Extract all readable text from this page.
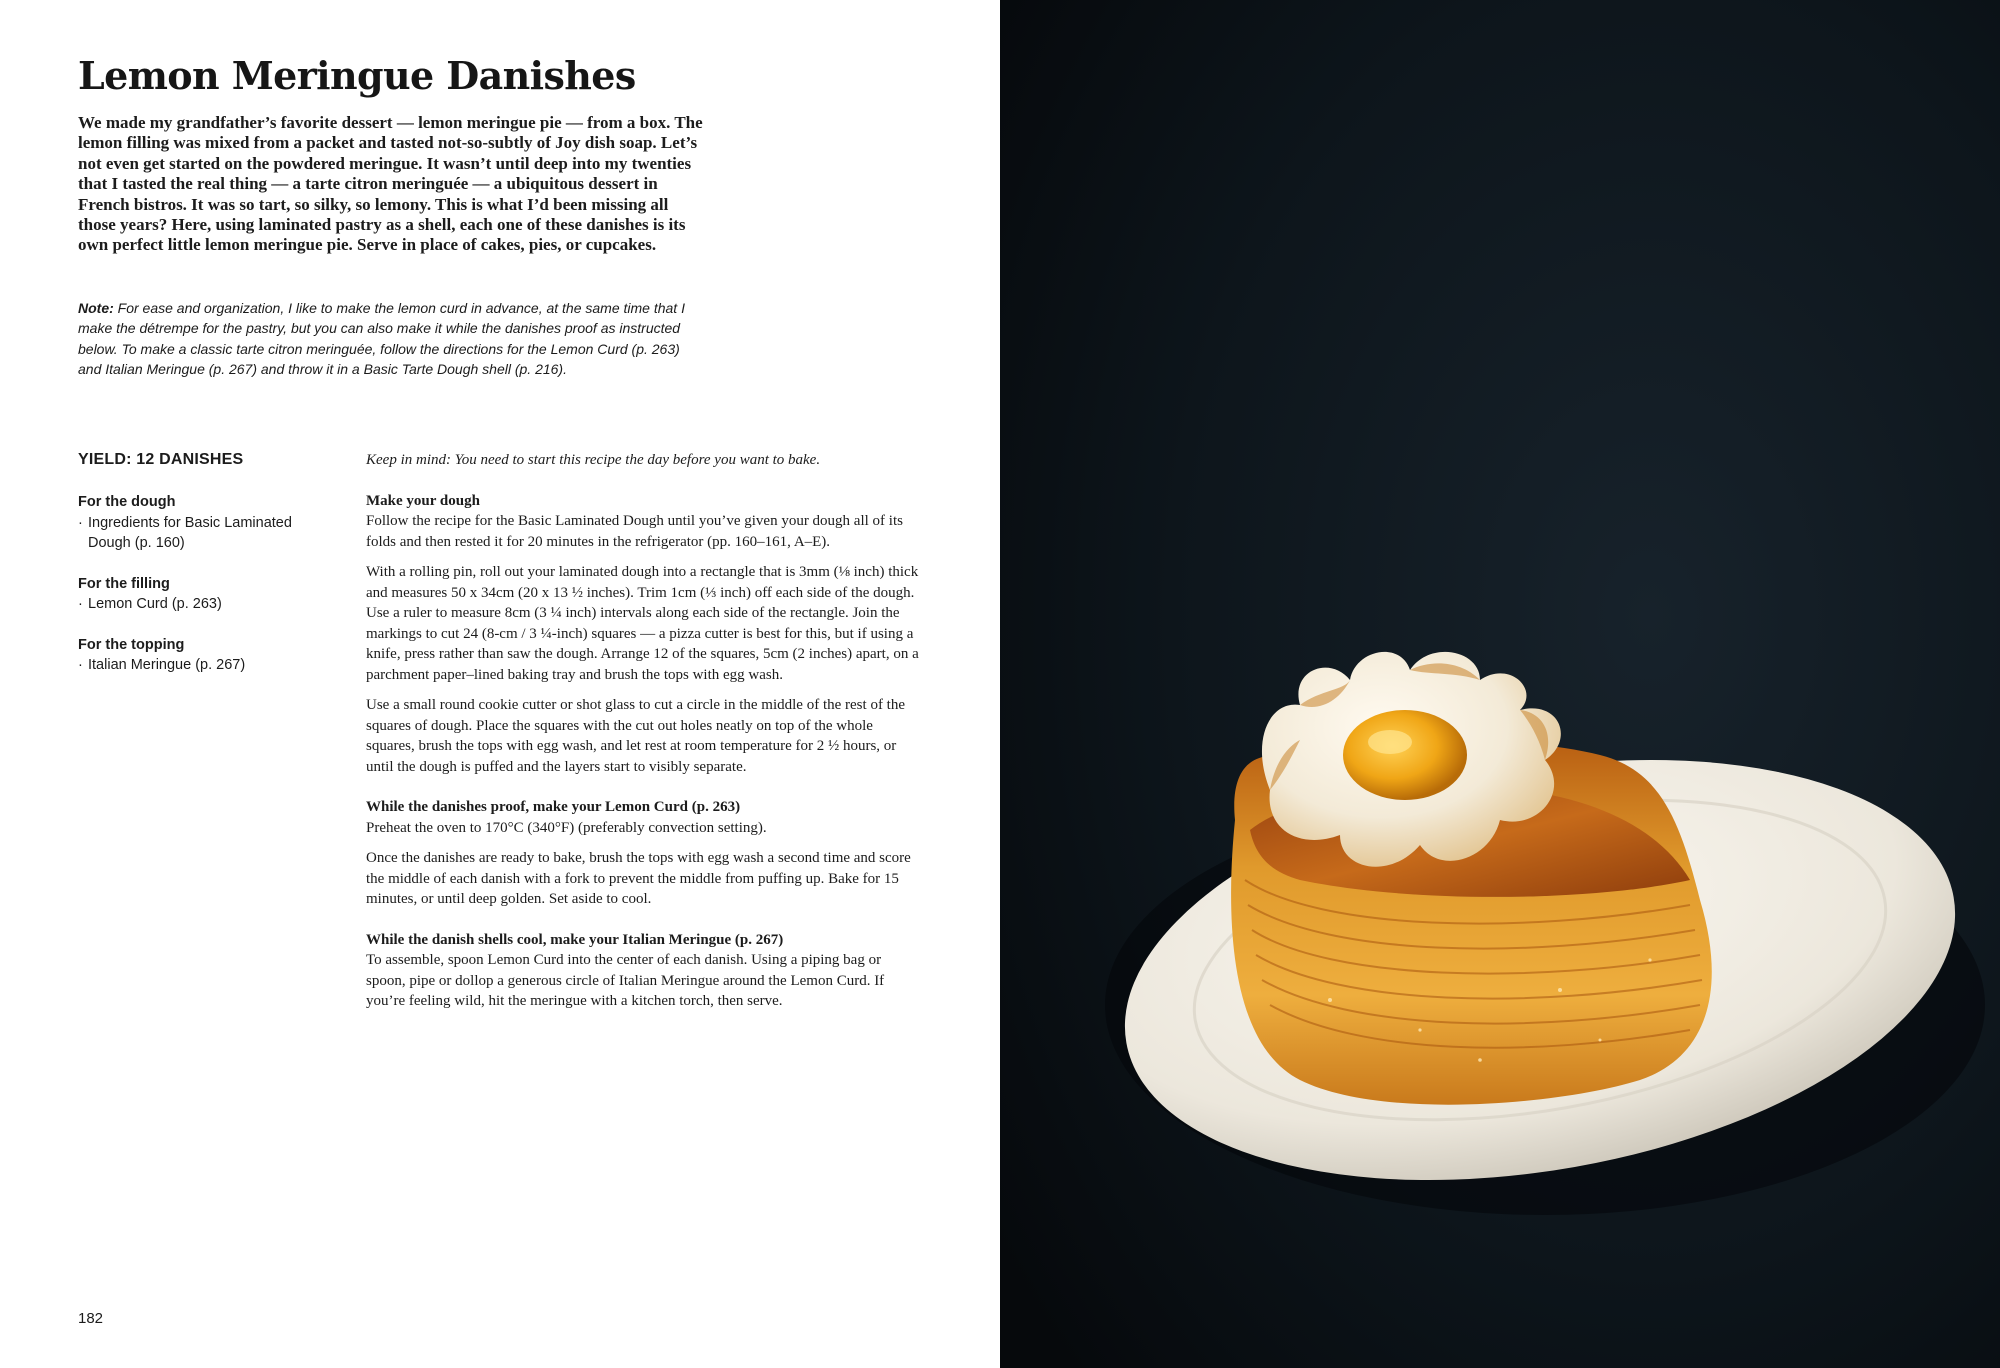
Lemon Meringue Danishes

We made my grandfather’s favorite dessert — lemon meringue pie — from a box. The lemon filling was mixed from a packet and tasted not-so-subtly of Joy dish soap. Let’s not even get started on the powdered meringue. It wasn’t until deep into my twenties that I tasted the real thing — a tarte citron meringuée — a ubiquitous dessert in French bistros. It was so tart, so silky, so lemony. This is what I’d been missing all those years? Here, using laminated pastry as a shell, each one of these danishes is its own perfect little lemon meringue pie. Serve in place of cakes, pies, or cupcakes.

Note: For ease and organization, I like to make the lemon curd in advance, at the same time that I make the détrempe for the pastry, but you can also make it while the danishes proof as instructed below. To make a classic tarte citron meringuée, follow the directions for the Lemon Curd (p. 263) and Italian Meringue (p. 267) and throw it in a Basic Tarte Dough shell (p. 216).

YIELD: 12 DANISHES

For the dough
· Ingredients for Basic Laminated Dough (p. 160)
For the filling
· Lemon Curd (p. 263)
For the topping
· Italian Meringue (p. 267)

Keep in mind: You need to start this recipe the day before you want to bake.

Make your dough

Follow the recipe for the Basic Laminated Dough until you’ve given your dough all of its folds and then rested it for 20 minutes in the refrigerator (pp. 160–161, A–E).

With a rolling pin, roll out your laminated dough into a rectangle that is 3mm (⅛ inch) thick and measures 50 x 34cm (20 x 13 ½ inches). Trim 1cm (⅓ inch) off each side of the dough. Use a ruler to measure 8cm (3 ¼ inch) intervals along each side of the rectangle. Join the markings to cut 24 (8-cm / 3 ¼-inch) squares — a pizza cutter is best for this, but if using a knife, press rather than saw the dough. Arrange 12 of the squares, 5cm (2 inches) apart, on a parchment paper–lined baking tray and brush the tops with egg wash.

Use a small round cookie cutter or shot glass to cut a circle in the middle of the rest of the squares of dough. Place the squares with the cut out holes neatly on top of the whole squares, brush the tops with egg wash, and let rest at room temperature for 2 ½ hours, or until the dough is puffed and the layers start to visibly separate.

While the danishes proof, make your Lemon Curd (p. 263)

Preheat the oven to 170°C (340°F) (preferably convection setting).

Once the danishes are ready to bake, brush the tops with egg wash a second time and score the middle of each danish with a fork to prevent the middle from puffing up. Bake for 15 minutes, or until deep golden. Set aside to cool.

While the danish shells cool, make your Italian Meringue (p. 267)

To assemble, spoon Lemon Curd into the center of each danish. Using a piping bag or spoon, pipe or dollop a generous circle of Italian Meringue around the Lemon Curd. If you’re feeling wild, hit the meringue with a kitchen torch, then serve.

182
